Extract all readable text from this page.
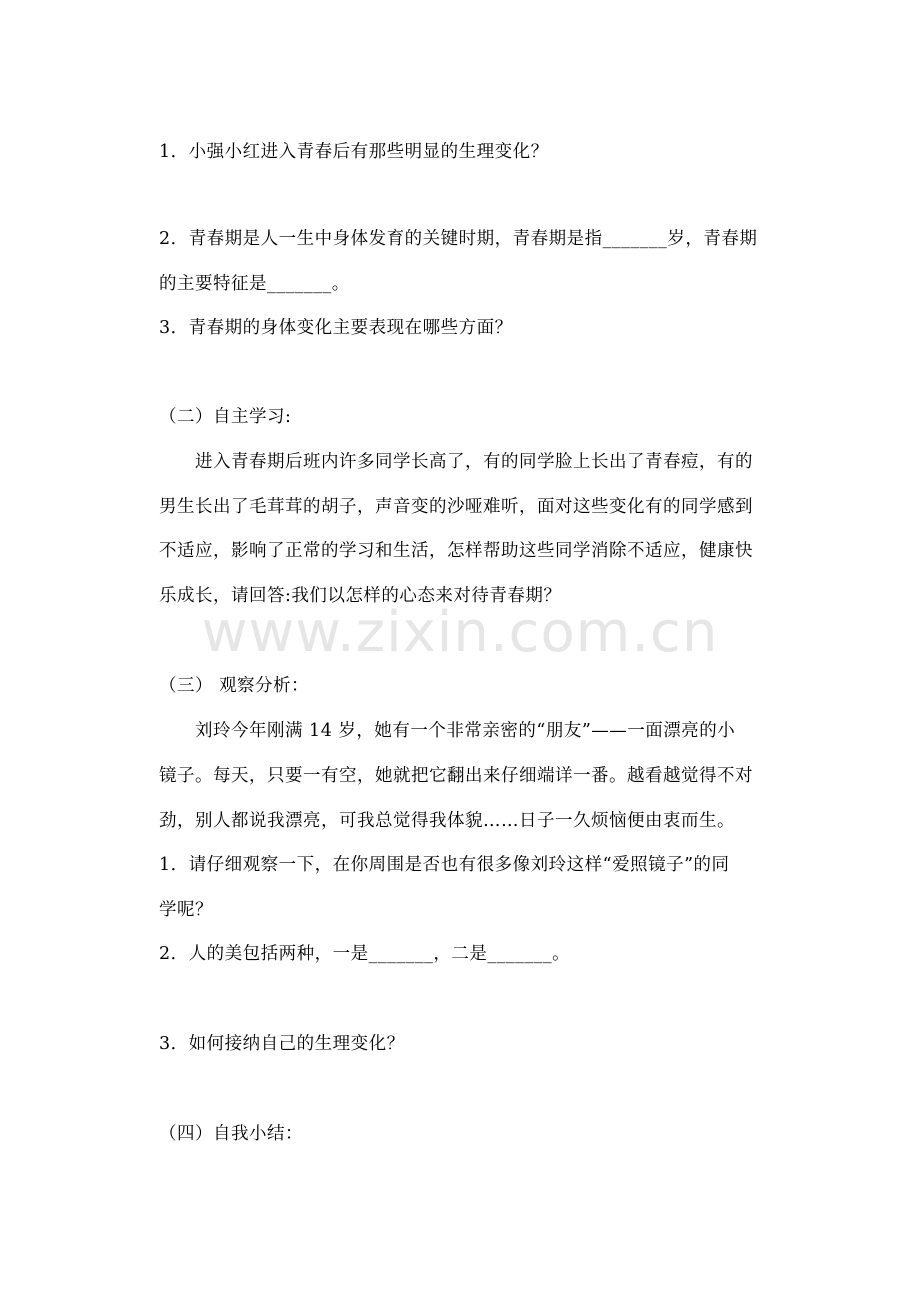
www.zixin.com.cn
1．小强小红进入青春后有那些明显的生理变化？
2．青春期是人一生中身体发育的关键时期，青春期是指_______岁，青春期
的主要特征是_______。
3．青春期的身体变化主要表现在哪些方面？
（二）自主学习:
进入青春期后班内许多同学长高了，有的同学脸上长出了青春痘，有的
男生长出了毛茸茸的胡子，声音变的沙哑难听，面对这些变化有的同学感到
不适应，影响了正常的学习和生活，怎样帮助这些同学消除不适应，健康快
乐成长，请回答:我们以怎样的心态来对待青春期？
（三） 观察分析：
刘玲今年刚满 14 岁，她有一个非常亲密的“朋友”——一面漂亮的小
镜子。每天，只要一有空，她就把它翻出来仔细端详一番。越看越觉得不对
劲，别人都说我漂亮，可我总觉得我体貌……日子一久烦恼便由衷而生。
1．请仔细观察一下，在你周围是否也有很多像刘玲这样“爱照镜子”的同
学呢？
2．人的美包括两种，一是_______，二是_______。
3．如何接纳自己的生理变化？
（四）自我小结：
